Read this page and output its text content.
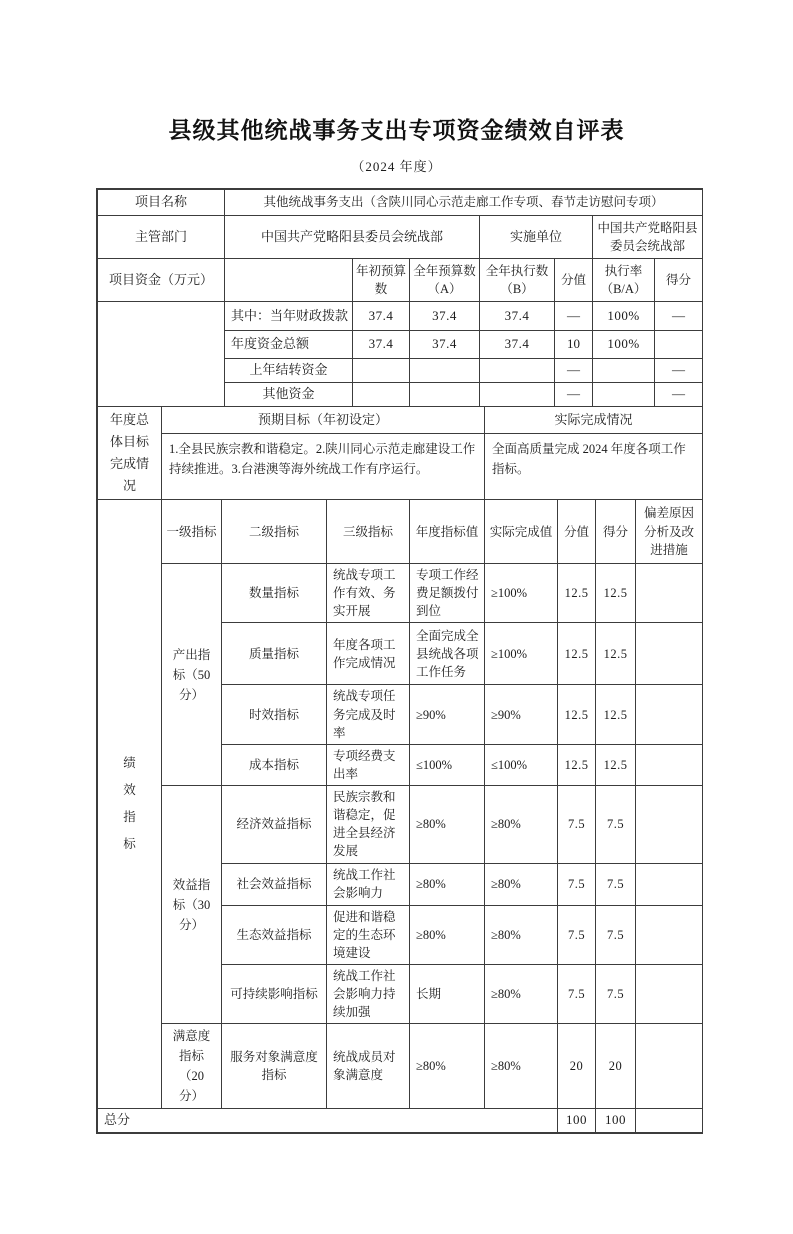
县级其他统战事务支出专项资金绩效自评表
（2024 年度）
项目名称	其他统战事务支出（含陕川同心示范走廊工作专项、春节走访慰问专项）		
主管部门	中国共产党略阳县委员会统战部	实施单位	中国共产党略阳县委员会统战部
项目资金（万元）		年初预算数	全年预算数（A）	全年执行数（B）	分值	执行率（B/A）	得分
	其中：当年财政拨款	37.4	37.4	37.4	—	100%	—
	年度资金总额	37.4	37.4	37.4	10	100%	
	上年结转资金				—		—
	其他资金				—		—
年度总体目标完成情况	预期目标（年初设定）	实际完成情况
	1.全县民族宗教和谐稳定。2.陕川同心示范走廊建设工作持续推进。3.台港澳等海外统战工作有序运行。	全面高质量完成 2024 年度各项工作指标。
绩效指标	一级指标	二级指标	三级指标	年度指标值	实际完成值	分值	得分	偏差原因分析及改进措施

	产出指标（50分）	数量指标	统战专项工作有效、务实开展	专项工作经费足额拨付到位	≥100%	12.5	12.5	
		质量指标	年度各项工作完成情况	全面完成全县统战各项工作任务	≥100%	12.5	12.5	
		时效指标	统战专项任务完成及时率	≥90%	≥90%	12.5	12.5	
		成本指标	专项经费支出率	≤100%	≤100%	12.5	12.5	

	效益指标（30分）	经济效益指标	民族宗教和谐稳定，促进全县经济发展	≥80%	≥80%	7.5	7.5	
		社会效益指标	统战工作社会影响力	≥80%	≥80%	7.5	7.5	
		生态效益指标	促进和谐稳定的生态环境建设	≥80%	≥80%	7.5	7.5	
		可持续影响指标	统战工作社会影响力持续加强	长期	≥80%	7.5	7.5	

	满意度指标（20分）	服务对象满意度指标	统战成员对象满意度	≥80%	≥80%	20	20	
总分	100	100	
